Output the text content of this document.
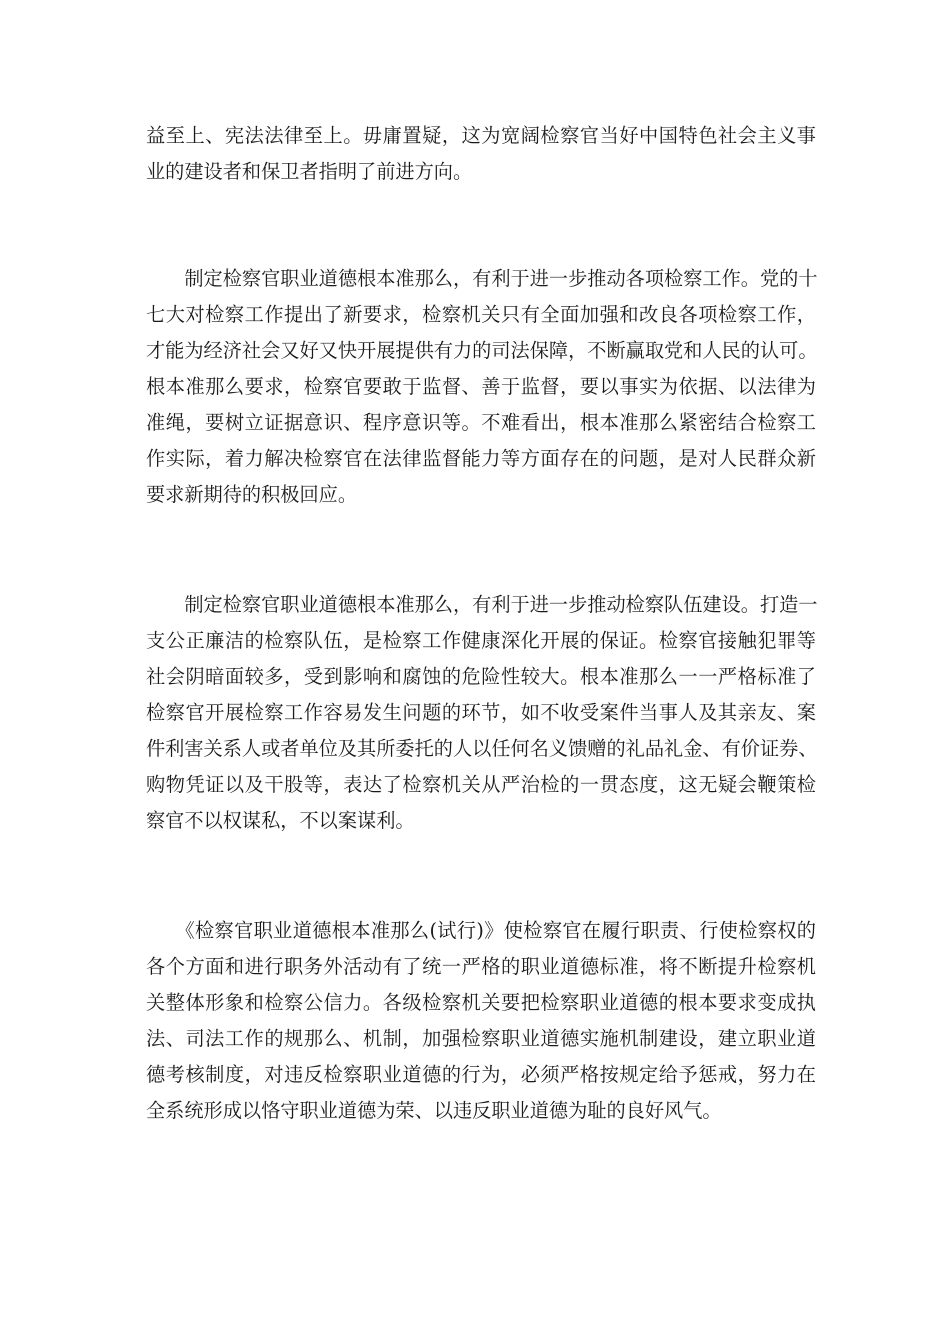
益至上、宪法法律至上。毋庸置疑，这为宽阔检察官当好中国特色社会主义事
业的建设者和保卫者指明了前进方向。
　　制定检察官职业道德根本准那么，有利于进一步推动各项检察工作。党的十
七大对检察工作提出了新要求，检察机关只有全面加强和改良各项检察工作，
才能为经济社会又好又快开展提供有力的司法保障，不断赢取党和人民的认可。
根本准那么要求，检察官要敢于监督、善于监督，要以事实为依据、以法律为
准绳，要树立证据意识、程序意识等。不难看出，根本准那么紧密结合检察工
作实际，着力解决检察官在法律监督能力等方面存在的问题，是对人民群众新
要求新期待的积极回应。
　　制定检察官职业道德根本准那么，有利于进一步推动检察队伍建设。打造一
支公正廉洁的检察队伍，是检察工作健康深化开展的保证。检察官接触犯罪等
社会阴暗面较多，受到影响和腐蚀的危险性较大。根本准那么一一严格标准了
检察官开展检察工作容易发生问题的环节，如不收受案件当事人及其亲友、案
件利害关系人或者单位及其所委托的人以任何名义馈赠的礼品礼金、有价证券、
购物凭证以及干股等，表达了检察机关从严治检的一贯态度，这无疑会鞭策检
察官不以权谋私，不以案谋利。
　　《检察官职业道德根本准那么(试行)》使检察官在履行职责、行使检察权的
各个方面和进行职务外活动有了统一严格的职业道德标准，将不断提升检察机
关整体形象和检察公信力。各级检察机关要把检察职业道德的根本要求变成执
法、司法工作的规那么、机制，加强检察职业道德实施机制建设，建立职业道
德考核制度，对违反检察职业道德的行为，必须严格按规定给予惩戒，努力在
全系统形成以恪守职业道德为荣、以违反职业道德为耻的良好风气。
